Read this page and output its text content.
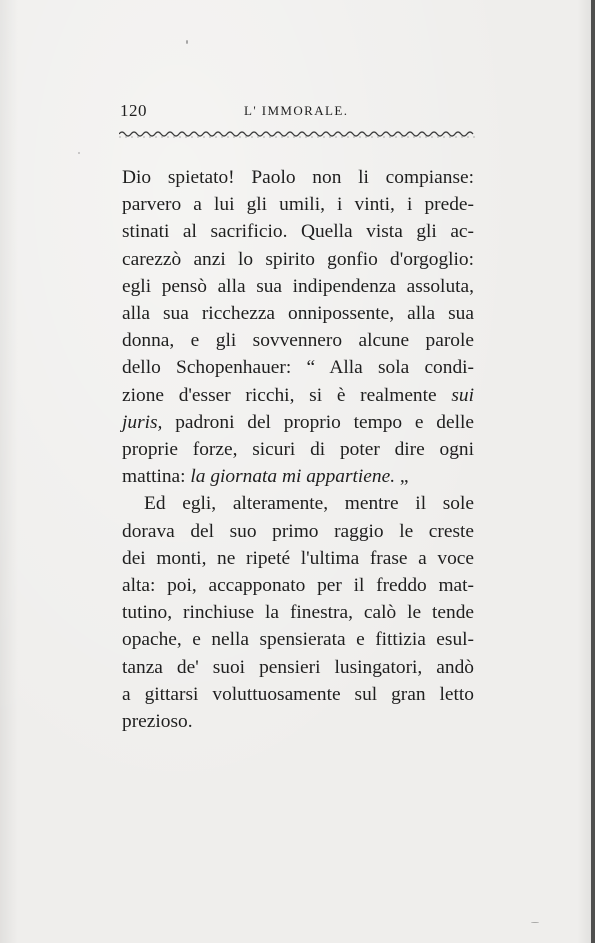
120	L' IMMORALE.
Dio spietato! Paolo non li compianse:
parvero a lui gli umili, i vinti, i prede-
stinati al sacrificio. Quella vista gli ac-
carezzò anzi lo spirito gonfio d'orgoglio:
egli pensò alla sua indipendenza assoluta,
alla sua ricchezza onnipossente, alla sua
donna, e gli sovvennero alcune parole
dello Schopenhauer: “ Alla sola condi-
zione d'esser ricchi, si è realmente sui
juris, padroni del proprio tempo e delle
proprie forze, sicuri di poter dire ogni
mattina: la giornata mi appartiene. „
Ed egli, alteramente, mentre il sole
dorava del suo primo raggio le creste
dei monti, ne ripeté l'ultima frase a voce
alta: poi, accapponato per il freddo mat-
tutino, rinchiuse la finestra, calò le tende
opache, e nella spensierata e fittizia esul-
tanza de' suoi pensieri lusingatori, andò
a gittarsi voluttuosamente sul gran letto
prezioso.
